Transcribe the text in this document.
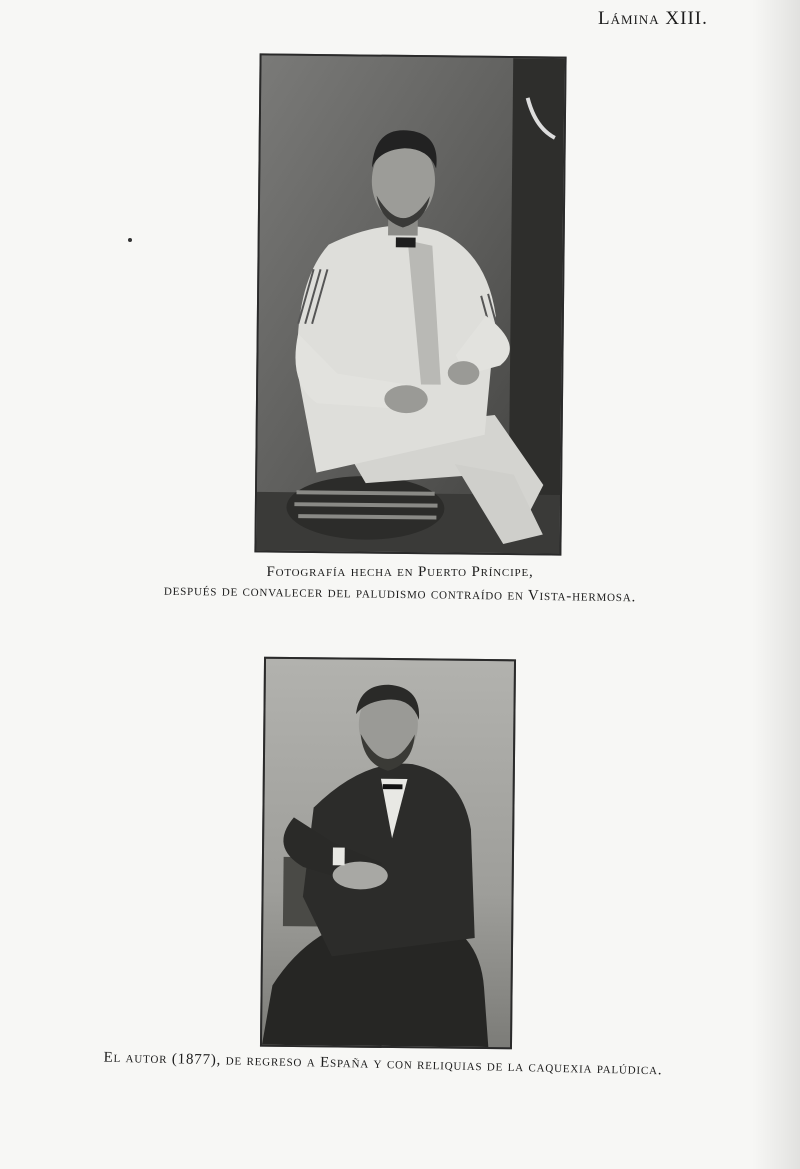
Lámina XIII.
Fotografía hecha en Puerto Príncipe,
después de convalecer del paludismo contraído en Vista-hermosa.
El autor (1877), de regreso a España y con reliquias de la caquexia palúdica.
